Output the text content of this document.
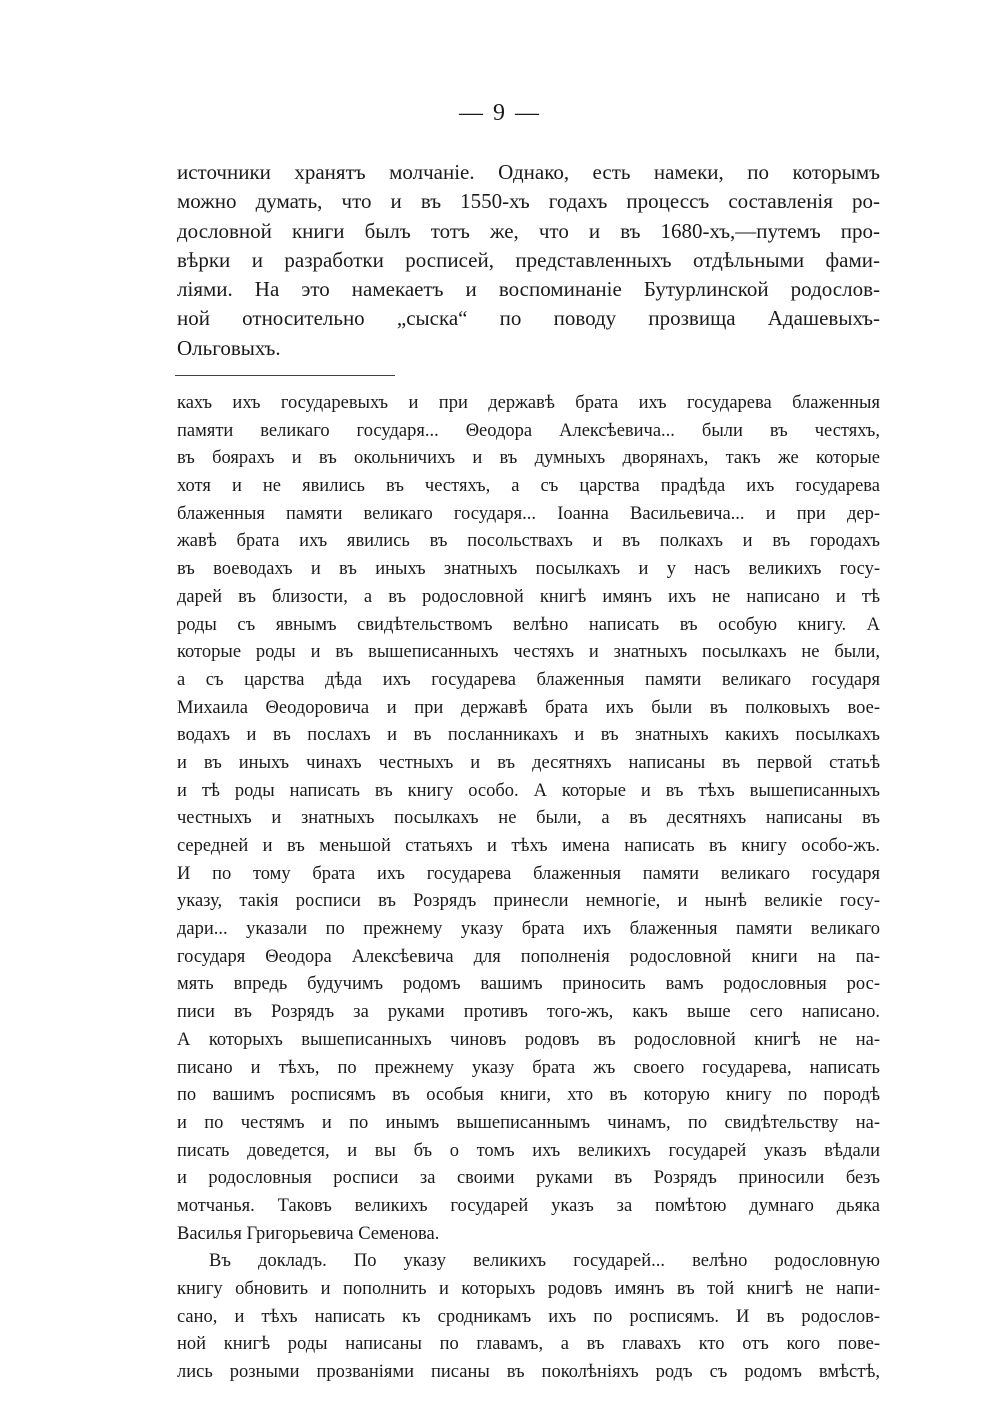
— 9 —
источники хранятъ молчанiе. Однако, есть намеки, по которымъ
можно думать, что и въ 1550-хъ годахъ процессъ составленiя ро-
дословной книги былъ тотъ же, что и въ 1680-хъ,—путемъ про-
вѣрки и разработки росписей, представленныхъ отдѣльными фами-
лiями. На это намекаетъ и воспоминанiе Бутурлинской родослов-
ной относительно „сыска“ по поводу прозвища Адашевыхъ-
Ольговыхъ.
кахъ ихъ государевыхъ и при державѣ брата ихъ государева блаженныя
памяти великаго государя... Θеодора Алексѣевича... были въ честяхъ,
въ боярахъ и въ окольничихъ и въ думныхъ дворянахъ, такъ же которые
хотя и не явились въ честяхъ, а съ царства прадѣда ихъ государева
блаженныя памяти великаго государя... Iоанна Васильевича... и при дер-
жавѣ брата ихъ явились въ посольствахъ и въ полкахъ и въ городахъ
въ воеводахъ и въ иныхъ знатныхъ посылкахъ и у насъ великихъ госу-
дарей въ близости, а въ родословной книгѣ имянъ ихъ не написано и тѣ
роды съ явнымъ свидѣтельствомъ велѣно написать въ особую книгу. А
которые роды и въ вышеписанныхъ честяхъ и знатныхъ посылкахъ не были,
а съ царства дѣда ихъ государева блаженныя памяти великаго государя
Михаила Θеодоровича и при державѣ брата ихъ были въ полковыхъ вое-
водахъ и въ послахъ и въ посланникахъ и въ знатныхъ какихъ посылкахъ
и въ иныхъ чинахъ честныхъ и въ десятняхъ написаны въ первой статьѣ
и тѣ роды написать въ книгу особо. А которые и въ тѣхъ вышеписанныхъ
честныхъ и знатныхъ посылкахъ не были, а въ десятняхъ написаны въ
середней и въ меньшой статьяхъ и тѣхъ имена написать въ книгу особо-жъ.
И по тому брата ихъ государева блаженныя памяти великаго государя
указу, такiя росписи въ Розрядъ принесли немногiе, и нынѣ великiе госу-
дари... указали по прежнему указу брата ихъ блаженныя памяти великаго
государя Θеодора Алексѣевича для пополненiя родословной книги на па-
мять впредь будучимъ родомъ вашимъ приносить вамъ родословныя рос-
писи въ Розрядъ за руками противъ того-жъ, какъ выше сего написано.
А которыхъ вышеписанныхъ чиновъ родовъ въ родословной книгѣ не на-
писано и тѣхъ, по прежнему указу брата жъ своего государева, написать
по вашимъ росписямъ въ особыя книги, хто въ которую книгу по породѣ
и по честямъ и по инымъ вышеписаннымъ чинамъ, по свидѣтельству на-
писать доведется, и вы бъ о томъ ихъ великихъ государей указъ вѣдали
и родословныя росписи за своими руками въ Розрядъ приносили безъ
мотчанья. Таковъ великихъ государей указъ за помѣтою думнаго дьяка
Василья Григорьевича Семенова.
Въ докладъ. По указу великихъ государей... велѣно родословную
книгу обновить и пополнить и которыхъ родовъ имянъ въ той книгѣ не напи-
сано, и тѣхъ написать къ сродникамъ ихъ по росписямъ. И въ родослов-
ной книгѣ роды написаны по главамъ, а въ главахъ кто отъ кого пове-
лись розными прозванiями писаны въ поколѣнiяхъ родъ съ родомъ вмѣстѣ,
